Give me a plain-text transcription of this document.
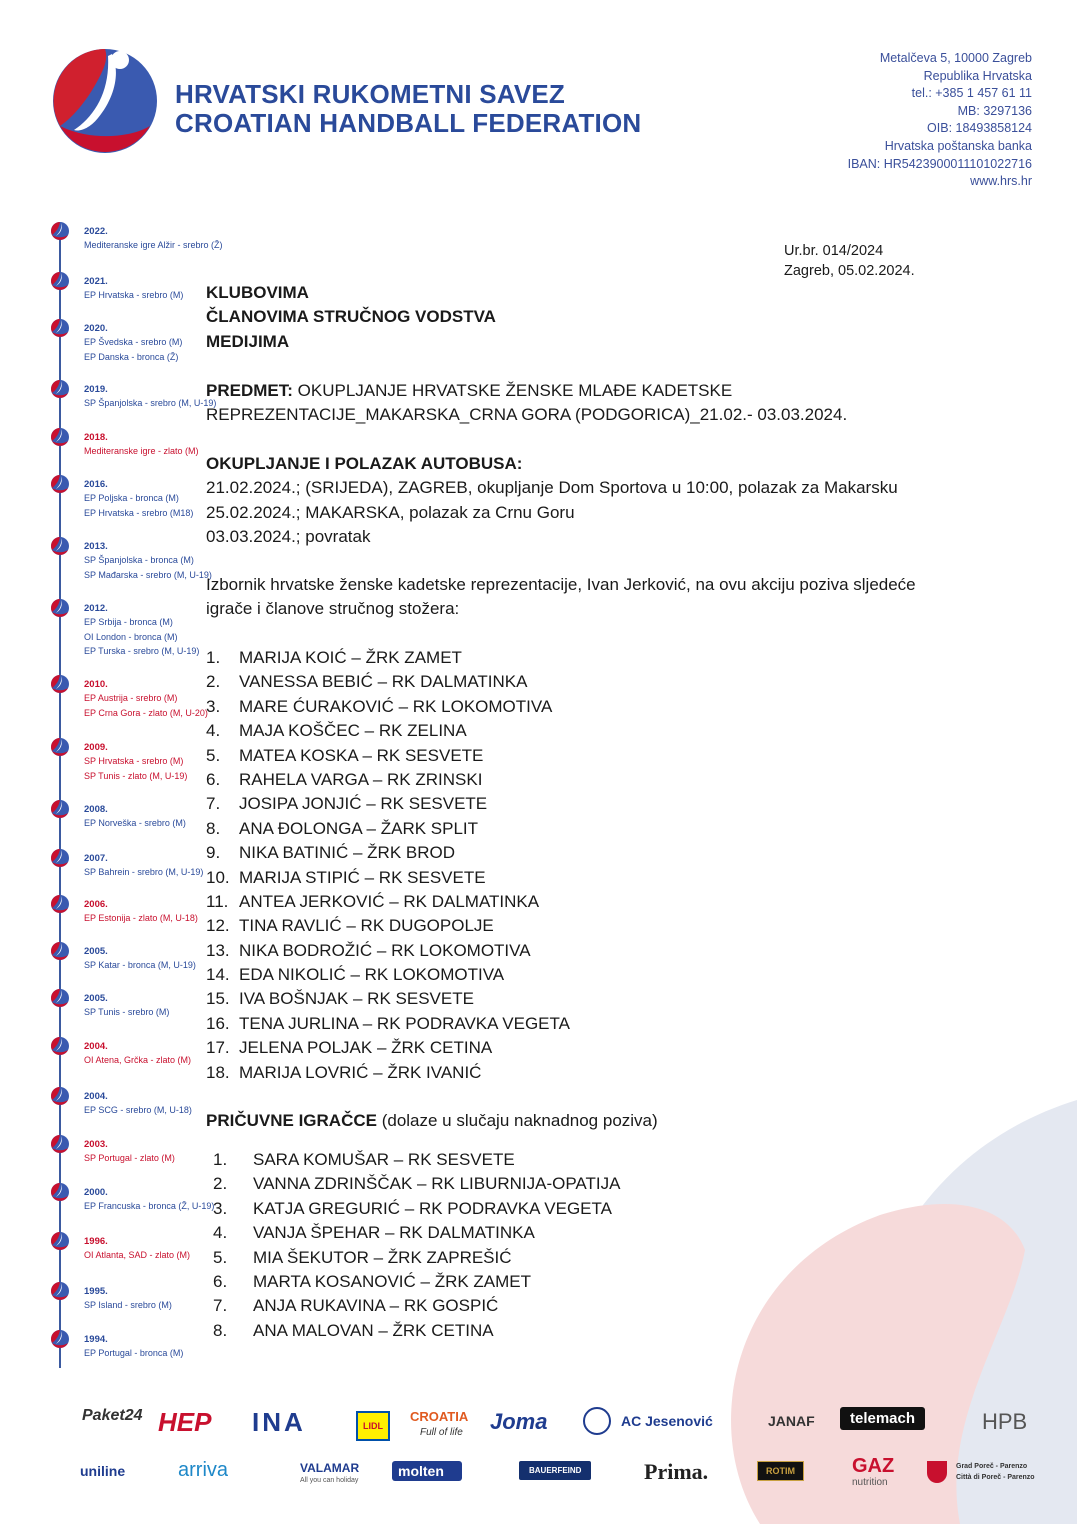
HRVATSKI RUKOMETNI SAVEZ
CROATIAN HANDBALL FEDERATION
Metalčeva 5, 10000 Zagreb
Republika Hrvatska
tel.: +385 1 457 61 11
MB: 3297136
OIB: 18493858124
Hrvatska poštanska banka
IBAN: HR5423900011101022716
www.hrs.hr
2022.
Mediteranske igre Alžir - srebro (Ž)
2021.
EP Hrvatska - srebro (M)
2020.
EP Švedska - srebro (M)
EP Danska - bronca (Ž)
2019.
SP Španjolska - srebro (M, U-19)
2018.
Mediteranske igre - zlato (M)
2016.
EP Poljska - bronca (M)
EP Hrvatska - srebro (M18)
2013.
SP Španjolska - bronca (M)
SP Mađarska - srebro (M, U-19)
2012.
EP Srbija - bronca (M)
OI London - bronca (M)
EP Turska - srebro (M, U-19)
2010.
EP Austrija - srebro (M)
EP Crna Gora - zlato (M, U-20)
2009.
SP Hrvatska - srebro (M)
SP Tunis - zlato (M, U-19)
2008.
EP Norveška - srebro (M)
2007.
SP Bahrein - srebro (M, U-19)
2006.
EP Estonija - zlato (M, U-18)
2005.
SP Katar - bronca (M, U-19)
2005.
SP Tunis - srebro (M)
2004.
OI Atena, Grčka - zlato (M)
2004.
EP SCG - srebro (M, U-18)
2003.
SP Portugal - zlato (M)
2000.
EP Francuska - bronca (Ž, U-19)
1996.
OI Atlanta, SAD - zlato (M)
1995.
SP Island - srebro (M)
1994.
EP Portugal - bronca (M)
Ur.br. 014/2024
Zagreb, 05.02.2024.
KLUBOVIMA
ČLANOVIMA STRUČNOG VODSTVA
MEDIJIMA
PREDMET: OKUPLJANJE HRVATSKE ŽENSKE MLAĐE KADETSKE
REPREZENTACIJE_MAKARSKA_CRNA GORA (PODGORICA)_21.02.- 03.03.2024.
OKUPLJANJE I POLAZAK AUTOBUSA:
21.02.2024.; (SRIJEDA), ZAGREB, okupljanje Dom Sportova u 10:00, polazak za Makarsku
25.02.2024.; MAKARSKA, polazak za Crnu Goru
03.03.2024.; povratak
Izbornik hrvatske ženske kadetske reprezentacije, Ivan Jerković, na ovu akciju poziva sljedeće
igrače i članove stručnog stožera:
1. MARIJA KOIĆ – ŽRK ZAMET
2. VANESSA BEBIĆ – RK DALMATINKA
3. MARE ĆURAKOVIĆ – RK LOKOMOTIVA
4. MAJA KOŠČEC – RK ZELINA
5. MATEA KOSKA – RK SESVETE
6. RAHELA VARGA – RK ZRINSKI
7. JOSIPA JONJIĆ – RK SESVETE
8. ANA ĐOLONGA – ŽARK SPLIT
9. NIKA BATINIĆ – ŽRK BROD
10. MARIJA STIPIĆ – RK SESVETE
11. ANTEA JERKOVIĆ – RK DALMATINKA
12. TINA RAVLIĆ – RK DUGOPOLJE
13. NIKA BODROŽIĆ – RK LOKOMOTIVA
14. EDA NIKOLIĆ – RK LOKOMOTIVA
15. IVA BOŠNJAK – RK SESVETE
16. TENA JURLINA – RK PODRAVKA VEGETA
17. JELENA POLJAK – ŽRK CETINA
18. MARIJA LOVRIĆ – ŽRK IVANIĆ
PRIČUVNE IGRAČCE (dolaze u slučaju naknadnog poziva)
1. SARA KOMUŠAR – RK SESVETE
2. VANNA ZDRINŠČAK – RK LIBURNIJA-OPATIJA
3. KATJA GREGURIĆ – RK PODRAVKA VEGETA
4. VANJA ŠPEHAR – RK DALMATINKA
5. MIA ŠEKUTOR – ŽRK ZAPREŠIĆ
6. MARTA KOSANOVIĆ – ŽRK ZAMET
7. ANJA RUKAVINA – RK GOSPIĆ
8. ANA MALOVAN – ŽRK CETINA
Paket24 HEP INA	LIDL
CROATIA
Full of life Joma	AC Jesenović	JANAF	telemach	HPB
uniline	arriva	VALAMAR
All you can holiday
molten	BAUERFEIND	Prima.	ROTIM	GAZ
nutrition
Grad Poreč - Parenzo
Città di Poreč - Parenzo
